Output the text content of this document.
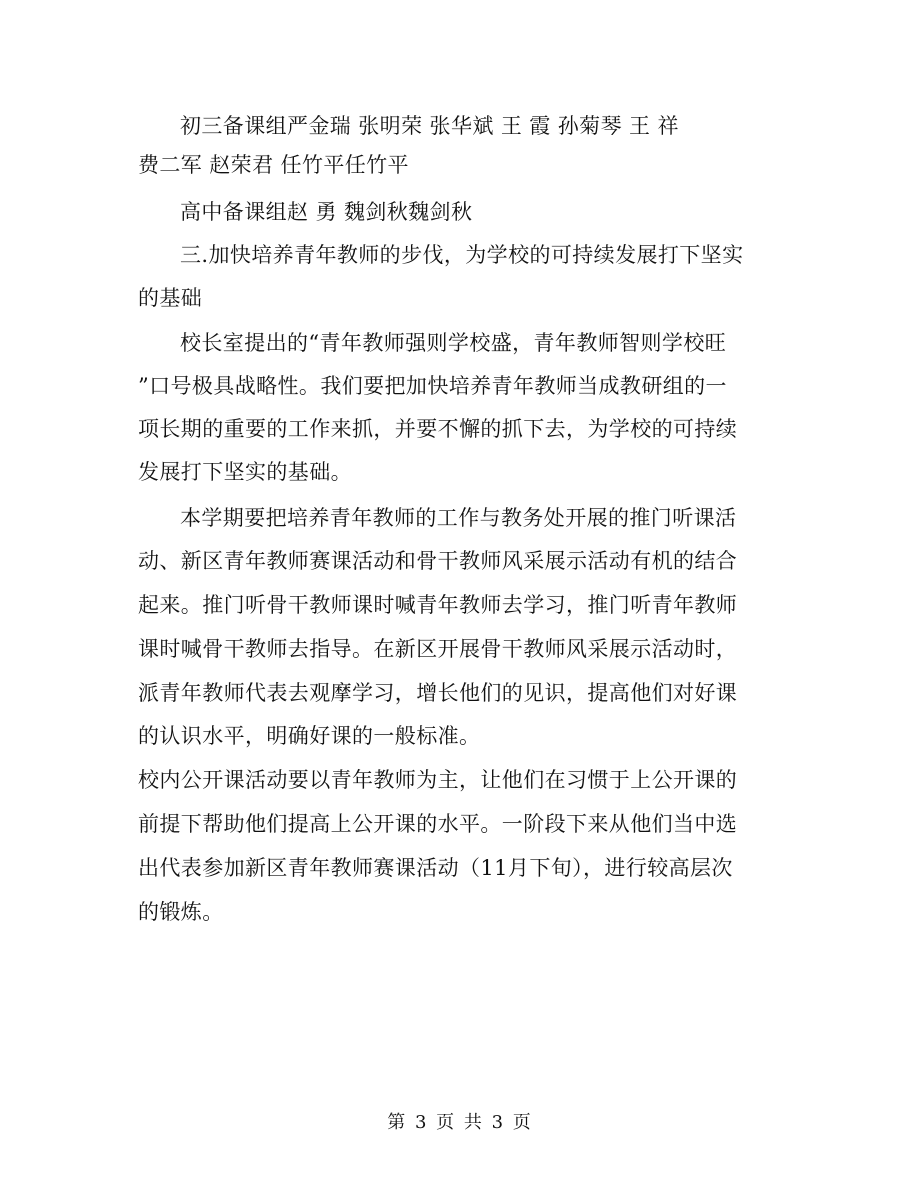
初三备课组严金瑞 张明荣 张华斌 王 霞 孙菊琴 王 祥
费二军 赵荣君 任竹平任竹平
高中备课组赵 勇 魏剑秋魏剑秋
三.加快培养青年教师的步伐，为学校的可持续发展打下坚实
的基础
校长室提出的“青年教师强则学校盛，青年教师智则学校旺
”口号极具战略性。我们要把加快培养青年教师当成教研组的一
项长期的重要的工作来抓，并要不懈的抓下去，为学校的可持续
发展打下坚实的基础。
本学期要把培养青年教师的工作与教务处开展的推门听课活
动、新区青年教师赛课活动和骨干教师风采展示活动有机的结合
起来。推门听骨干教师课时喊青年教师去学习，推门听青年教师
课时喊骨干教师去指导。在新区开展骨干教师风采展示活动时，
派青年教师代表去观摩学习，增长他们的见识，提高他们对好课
的认识水平，明确好课的一般标准。
校内公开课活动要以青年教师为主，让他们在习惯于上公开课的
前提下帮助他们提高上公开课的水平。一阶段下来从他们当中选
出代表参加新区青年教师赛课活动（11月下旬），进行较高层次
的锻炼。
第 3 页 共 3 页
